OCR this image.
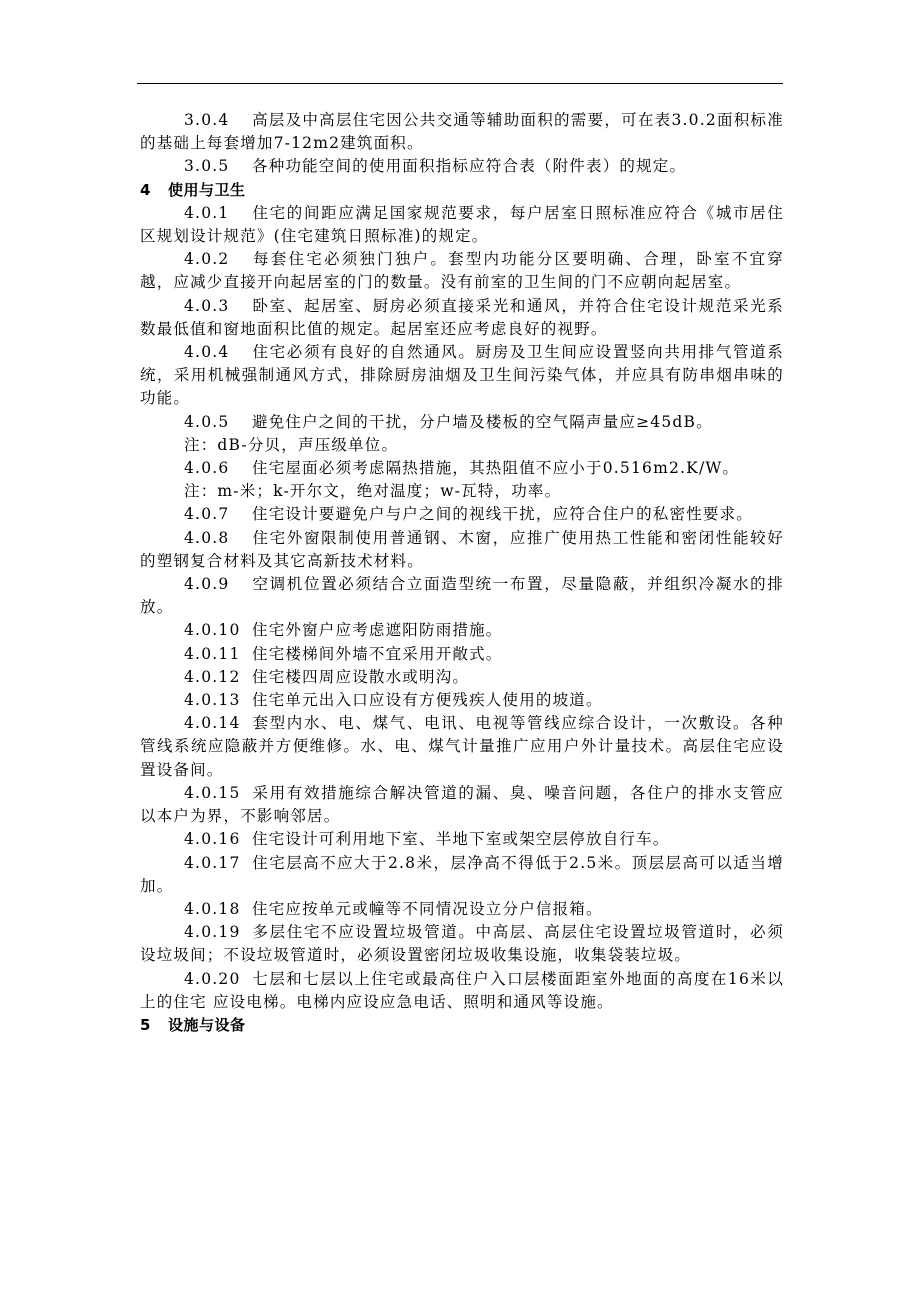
3.0.4 高层及中高层住宅因公共交通等辅助面积的需要，可在表3.0.2面积标准的基础上每套增加7-12m2建筑面积。

3.0.5 各种功能空间的使用面积指标应符合表（附件表）的规定。

4 使用与卫生

4.0.1 住宅的间距应满足国家规范要求，每户居室日照标准应符合《城市居住区规划设计规范》(住宅建筑日照标准)的规定。

4.0.2 每套住宅必须独门独户。套型内功能分区要明确、合理，卧室不宜穿越，应减少直接开向起居室的门的数量。没有前室的卫生间的门不应朝向起居室。

4.0.3 卧室、起居室、厨房必须直接采光和通风，并符合住宅设计规范采光系数最低值和窗地面积比值的规定。起居室还应考虑良好的视野。

4.0.4 住宅必须有良好的自然通风。厨房及卫生间应设置竖向共用排气管道系统，采用机械强制通风方式，排除厨房油烟及卫生间污染气体，并应具有防串烟串味的功能。

4.0.5 避免住户之间的干扰，分户墙及楼板的空气隔声量应≥45dB。

注：dB-分贝，声压级单位。

4.0.6 住宅屋面必须考虑隔热措施，其热阻值不应小于0.516m2.K/W。

注：m-米；k-开尔文，绝对温度；w-瓦特，功率。

4.0.7 住宅设计要避免户与户之间的视线干扰，应符合住户的私密性要求。

4.0.8 住宅外窗限制使用普通钢、木窗，应推广使用热工性能和密闭性能较好的塑钢复合材料及其它高新技术材料。

4.0.9 空调机位置必须结合立面造型统一布置，尽量隐蔽，并组织冷凝水的排放。

4.0.10 住宅外窗户应考虑遮阳防雨措施。

4.0.11 住宅楼梯间外墙不宜采用开敞式。

4.0.12 住宅楼四周应设散水或明沟。

4.0.13 住宅单元出入口应设有方便残疾人使用的坡道。

4.0.14 套型内水、电、煤气、电讯、电视等管线应综合设计，一次敷设。各种管线系统应隐蔽并方便维修。水、电、煤气计量推广应用户外计量技术。高层住宅应设置设备间。

4.0.15 采用有效措施综合解决管道的漏、臭、噪音问题，各住户的排水支管应以本户为界，不影响邻居。

4.0.16 住宅设计可利用地下室、半地下室或架空层停放自行车。

4.0.17 住宅层高不应大于2.8米，层净高不得低于2.5米。顶层层高可以适当增加。

4.0.18 住宅应按单元或幢等不同情况设立分户信报箱。

4.0.19 多层住宅不应设置垃圾管道。中高层、高层住宅设置垃圾管道时，必须设垃圾间；不设垃圾管道时，必须设置密闭垃圾收集设施，收集袋装垃圾。

4.0.20 七层和七层以上住宅或最高住户入口层楼面距室外地面的高度在16米以上的住宅 应设电梯。电梯内应设应急电话、照明和通风等设施。

5 设施与设备
